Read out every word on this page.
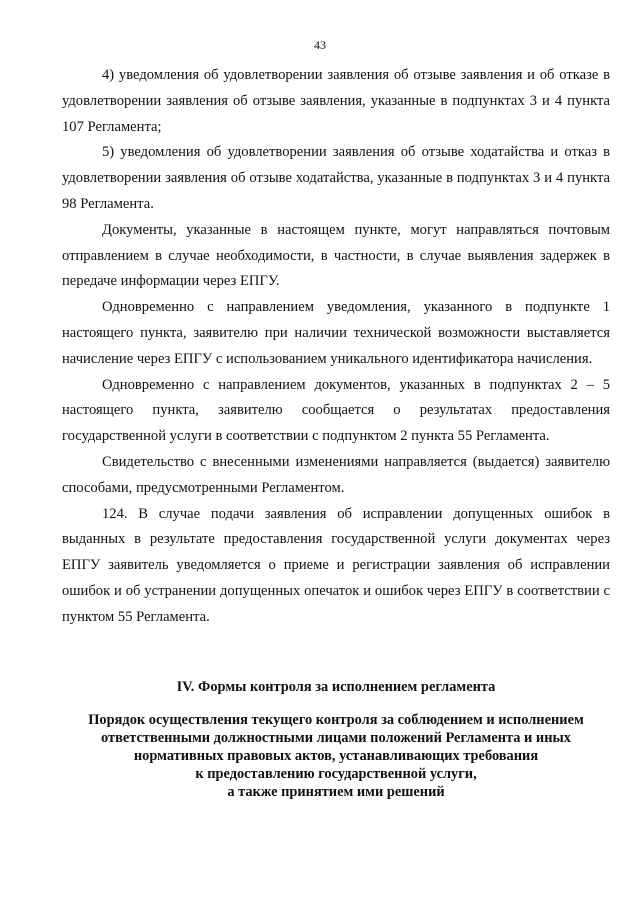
43

4) уведомления об удовлетворении заявления об отзыве заявления и об отказе в удовлетворении заявления об отзыве заявления, указанные в подпунктах 3 и 4 пункта 107 Регламента;

5) уведомления об удовлетворении заявления об отзыве ходатайства и отказ в удовлетворении заявления об отзыве ходатайства, указанные в подпунктах 3 и 4 пункта 98 Регламента.

Документы, указанные в настоящем пункте, могут направляться почтовым отправлением в случае необходимости, в частности, в случае выявления задержек в передаче информации через ЕПГУ.

Одновременно с направлением уведомления, указанного в подпункте 1 настоящего пункта, заявителю при наличии технической возможности выставляется начисление через ЕПГУ с использованием уникального идентификатора начисления.

Одновременно с направлением документов, указанных в подпунктах 2 – 5 настоящего пункта, заявителю сообщается о результатах предоставления государственной услуги в соответствии с подпунктом 2 пункта 55 Регламента.

Свидетельство с внесенными изменениями направляется (выдается) заявителю способами, предусмотренными Регламентом.

124. В случае подачи заявления об исправлении допущенных ошибок в выданных в результате предоставления государственной услуги документах через ЕПГУ заявитель уведомляется о приеме и регистрации заявления об исправлении ошибок и об устранении допущенных опечаток и ошибок через ЕПГУ в соответствии с пунктом 55 Регламента.

IV. Формы контроля за исполнением регламента
Порядок осуществления текущего контроля за соблюдением и исполнением
ответственными должностными лицами положений Регламента и иных
нормативных правовых актов, устанавливающих требования
к предоставлению государственной услуги,
а также принятием ими решений
